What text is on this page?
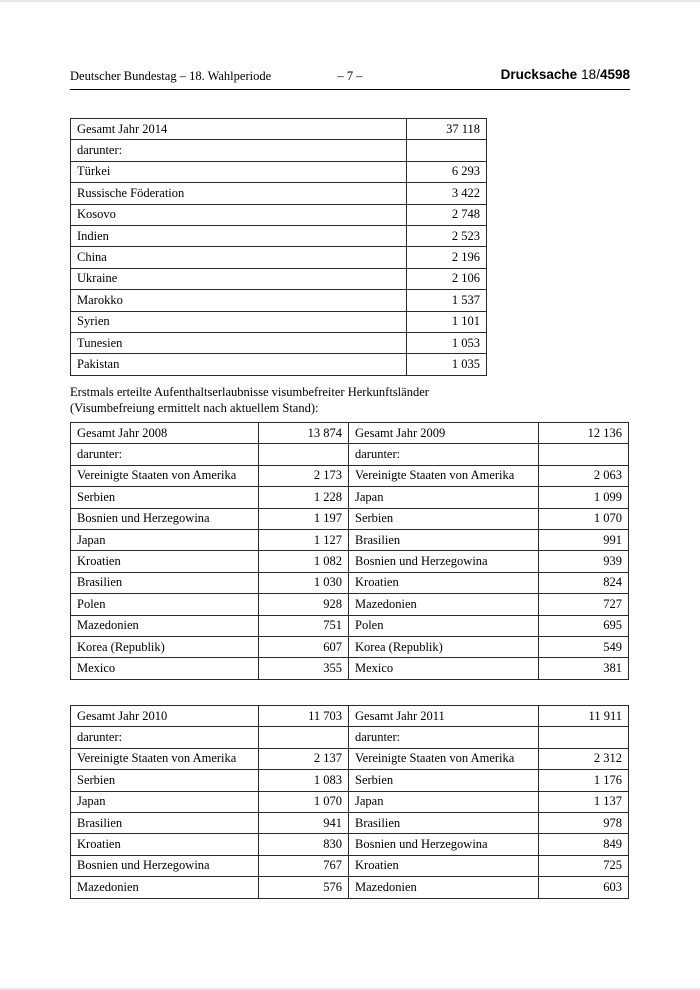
Deutscher Bundestag – 18. Wahlperiode	– 7 –	Drucksache 18/4598
Gesamt Jahr 2014	37 118
darunter:	
Türkei	6 293
Russische Föderation	3 422
Kosovo	2 748
Indien	2 523
China	2 196
Ukraine	2 106
Marokko	1 537
Syrien	1 101
Tunesien	1 053
Pakistan	1 035

Erstmals erteilte Aufenthaltserlaubnisse visumbefreiter Herkunftsländer
(Visumbefreiung ermittelt nach aktuellem Stand):

Gesamt Jahr 2008	13 874	Gesamt Jahr 2009	12 136
darunter:		darunter:	
Vereinigte Staaten von Amerika	2 173	Vereinigte Staaten von Amerika	2 063
Serbien	1 228	Japan	1 099
Bosnien und Herzegowina	1 197	Serbien	1 070
Japan	1 127	Brasilien	991
Kroatien	1 082	Bosnien und Herzegowina	939
Brasilien	1 030	Kroatien	824
Polen	928	Mazedonien	727
Mazedonien	751	Polen	695
Korea (Republik)	607	Korea (Republik)	549
Mexico	355	Mexico	381
Gesamt Jahr 2010	11 703	Gesamt Jahr 2011	11 911
darunter:		darunter:	
Vereinigte Staaten von Amerika	2 137	Vereinigte Staaten von Amerika	2 312
Serbien	1 083	Serbien	1 176
Japan	1 070	Japan	1 137
Brasilien	941	Brasilien	978
Kroatien	830	Bosnien und Herzegowina	849
Bosnien und Herzegowina	767	Kroatien	725
Mazedonien	576	Mazedonien	603
